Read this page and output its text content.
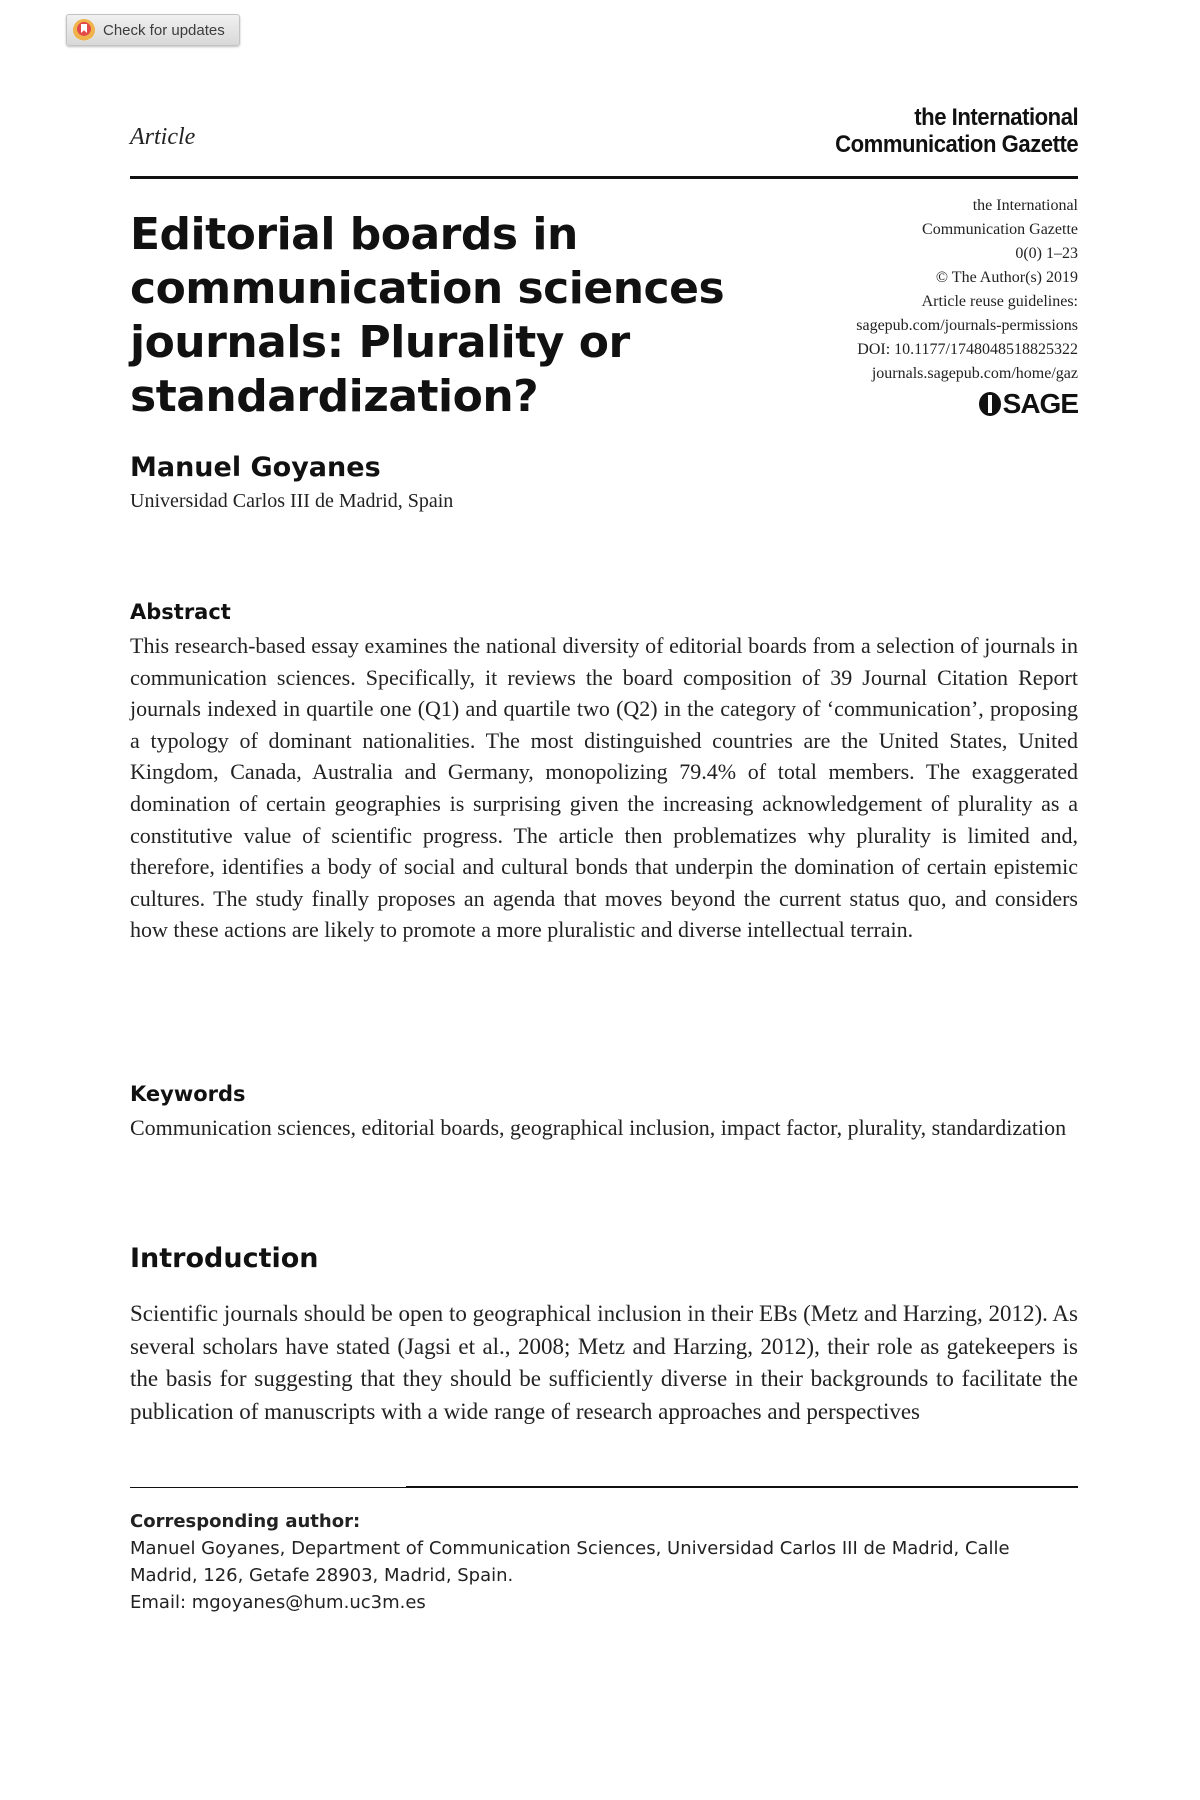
Check for updates
Article
the International
Communication Gazette
Editorial boards in communication sciences journals: Plurality or standardization?
the International
Communication Gazette
0(0) 1–23
© The Author(s) 2019
Article reuse guidelines:
sagepub.com/journals-permissions
DOI: 10.1177/1748048518825322
journals.sagepub.com/home/gaz
SAGE
Manuel Goyanes
Universidad Carlos III de Madrid, Spain
Abstract

This research-based essay examines the national diversity of editorial boards from a selection of journals in communication sciences. Specifically, it reviews the board composition of 39 Journal Citation Report journals indexed in quartile one (Q1) and quartile two (Q2) in the category of ‘communication’, proposing a typology of dominant nationalities. The most distinguished countries are the United States, United Kingdom, Canada, Australia and Germany, monopolizing 79.4% of total members. The exaggerated domination of certain geographies is surprising given the increasing acknowledgement of plurality as a constitutive value of scientific progress. The article then problematizes why plurality is limited and, therefore, identifies a body of social and cultural bonds that underpin the domination of certain epistemic cultures. The study finally proposes an agenda that moves beyond the current status quo, and considers how these actions are likely to promote a more pluralistic and diverse intellectual terrain.

Keywords

Communication sciences, editorial boards, geographical inclusion, impact factor, plurality, standardization

Introduction

Scientific journals should be open to geographical inclusion in their EBs (Metz and Harzing, 2012). As several scholars have stated (Jagsi et al., 2008; Metz and Harzing, 2012), their role as gatekeepers is the basis for suggesting that they should be sufficiently diverse in their backgrounds to facilitate the publication of manuscripts with a wide range of research approaches and perspectives

Corresponding author:
Manuel Goyanes, Department of Communication Sciences, Universidad Carlos III de Madrid, Calle Madrid, 126, Getafe 28903, Madrid, Spain.
Email: mgoyanes@hum.uc3m.es
